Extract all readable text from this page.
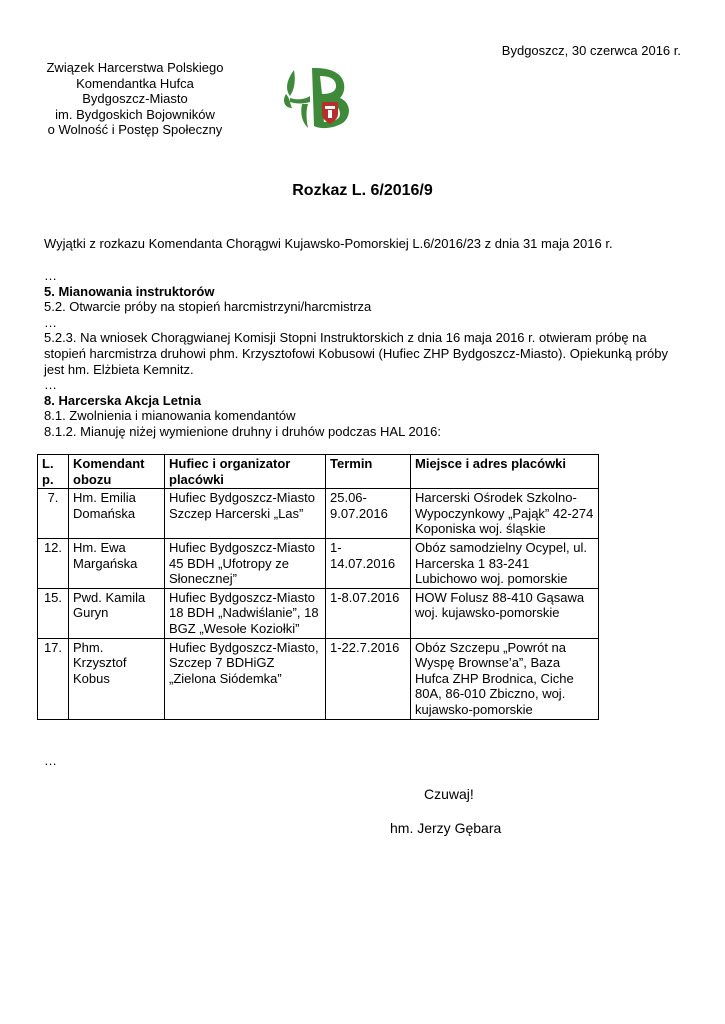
Bydgoszcz, 30 czerwca 2016 r.
Związek Harcerstwa Polskiego
Komendantka Hufca
Bydgoszcz-Miasto
im. Bydgoskich Bojowników
o Wolność i Postęp Społeczny
Rozkaz L. 6/2016/9
Wyjątki z rozkazu Komendanta Chorągwi Kujawsko-Pomorskiej L.6/2016/23 z dnia 31 maja 2016 r.

…

5. Mianowania instruktorów

5.2. Otwarcie próby na stopień harcmistrzyni/harcmistrza

…

5.2.3. Na wniosek Chorągwianej Komisji Stopni Instruktorskich z dnia 16 maja 2016 r. otwieram próbę na stopień harcmistrza druhowi phm. Krzysztofowi Kobusowi (Hufiec ZHP Bydgoszcz-Miasto). Opiekunką próby jest hm. Elżbieta Kemnitz.

…

8. Harcerska Akcja Letnia

8.1. Zwolnienia i mianowania komendantów

8.1.2. Mianuję niżej wymienione druhny i druhów podczas HAL 2016:

L. p.	Komendant obozu	Hufiec i organizator placówki	Termin	Miejsce i adres placówki
7.	Hm. Emilia Domańska	Hufiec Bydgoszcz-Miasto Szczep Harcerski „Las”	25.06-9.07.2016	Harcerski Ośrodek Szkolno-Wypoczynkowy „Pająk” 42-274 Koponiska woj. śląskie
12.	Hm. Ewa Margańska	Hufiec Bydgoszcz-Miasto 45 BDH „Ufotropy ze Słonecznej”	1-14.07.2016	Obóz samodzielny Ocypel, ul. Harcerska 1 83-241 Lubichowo woj. pomorskie
15.	Pwd. Kamila Guryn	Hufiec Bydgoszcz-Miasto 18 BDH „Nadwiślanie”, 18 BGZ „Wesołe Koziołki”	1-8.07.2016	HOW Folusz 88-410 Gąsawa woj. kujawsko-pomorskie
17.	Phm. Krzysztof Kobus	Hufiec Bydgoszcz-Miasto, Szczep 7 BDHiGZ „Zielona Siódemka”	1-22.7.2016	Obóz Szczepu „Powrót na Wyspę Brownse’a”, Baza Hufca ZHP Brodnica, Ciche 80A, 86-010 Zbiczno, woj. kujawsko-pomorskie
…
Czuwaj!
hm. Jerzy Gębara
